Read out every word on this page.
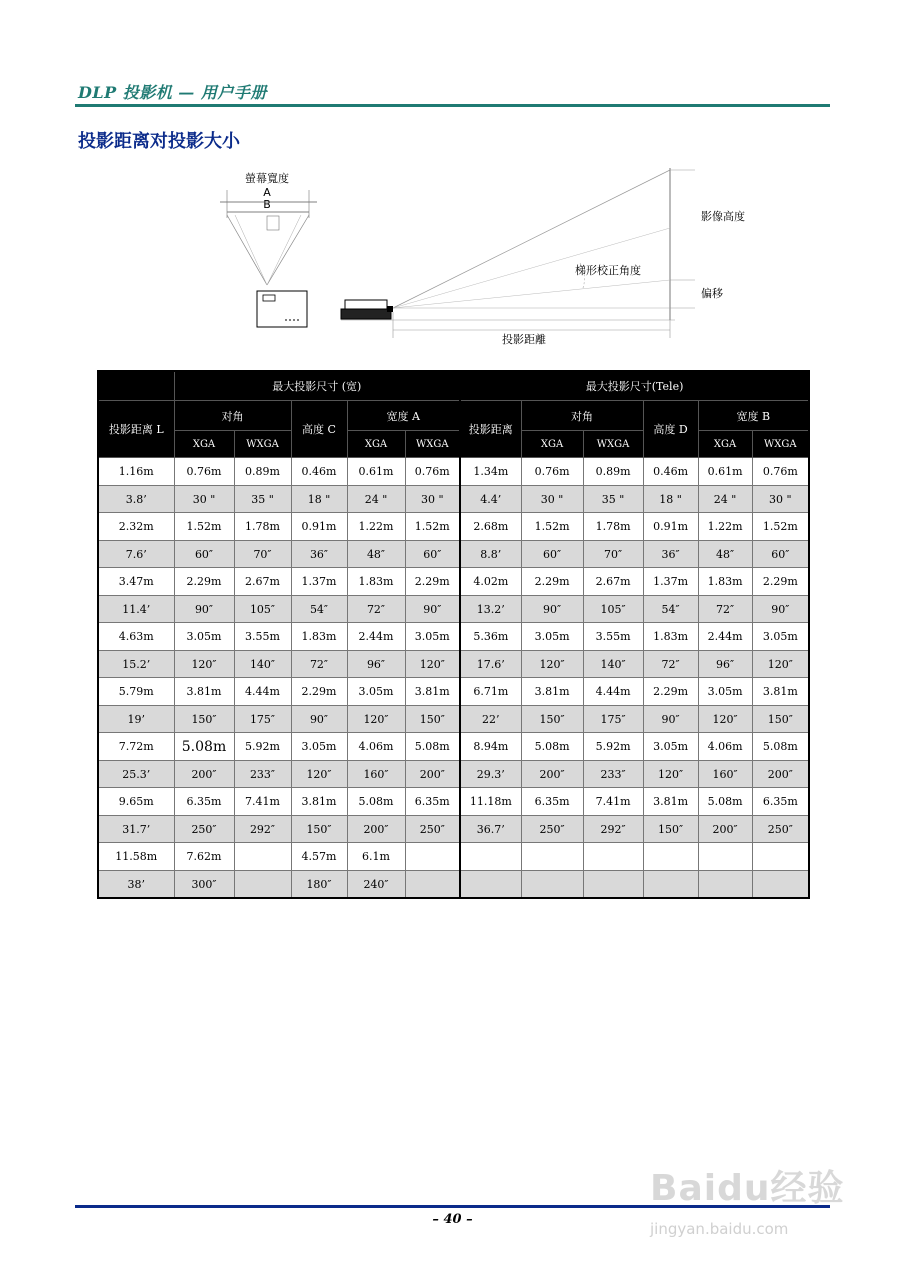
DLP 投影机 — 用户手册
投影距离对投影大小
螢幕寬度
A
B
影像高度
梯形校正角度
偏移
投影距離
	最大投影尺寸 (宽)					最大投影尺寸(Tele)					
投影距离 L	对角		高度 C	宽度 A		投影距离	对角		高度 D	宽度 B	
	XGA	WXGA		XGA	WXGA		XGA	WXGA		XGA	WXGA
1.16m	0.76m	0.89m	0.46m	0.61m	0.76m	1.34m	0.76m	0.89m	0.46m	0.61m	0.76m
3.8’	30 "	35 "	18 "	24 "	30 "	4.4’	30 "	35 "	18 "	24 "	30 "
2.32m	1.52m	1.78m	0.91m	1.22m	1.52m	2.68m	1.52m	1.78m	0.91m	1.22m	1.52m
7.6’	60″	70″	36″	48″	60″	8.8’	60″	70″	36″	48″	60″
3.47m	2.29m	2.67m	1.37m	1.83m	2.29m	4.02m	2.29m	2.67m	1.37m	1.83m	2.29m
11.4’	90″	105″	54″	72″	90″	13.2’	90″	105″	54″	72″	90″
4.63m	3.05m	3.55m	1.83m	2.44m	3.05m	5.36m	3.05m	3.55m	1.83m	2.44m	3.05m
15.2’	120″	140″	72″	96″	120″	17.6’	120″	140″	72″	96″	120″
5.79m	3.81m	4.44m	2.29m	3.05m	3.81m	6.71m	3.81m	4.44m	2.29m	3.05m	3.81m
19’	150″	175″	90″	120″	150″	22’	150″	175″	90″	120″	150″
7.72m	5.08m	5.92m	3.05m	4.06m	5.08m	8.94m	5.08m	5.92m	3.05m	4.06m	5.08m
25.3’	200″	233″	120″	160″	200″	29.3’	200″	233″	120″	160″	200″
9.65m	6.35m	7.41m	3.81m	5.08m	6.35m	11.18m	6.35m	7.41m	3.81m	5.08m	6.35m
31.7’	250″	292″	150″	200″	250″	36.7’	250″	292″	150″	200″	250″
11.58m	7.62m		4.57m	6.1m							
38’	300″		180″	240″							
– 40 –
Baidu经验
jingyan.baidu.com
